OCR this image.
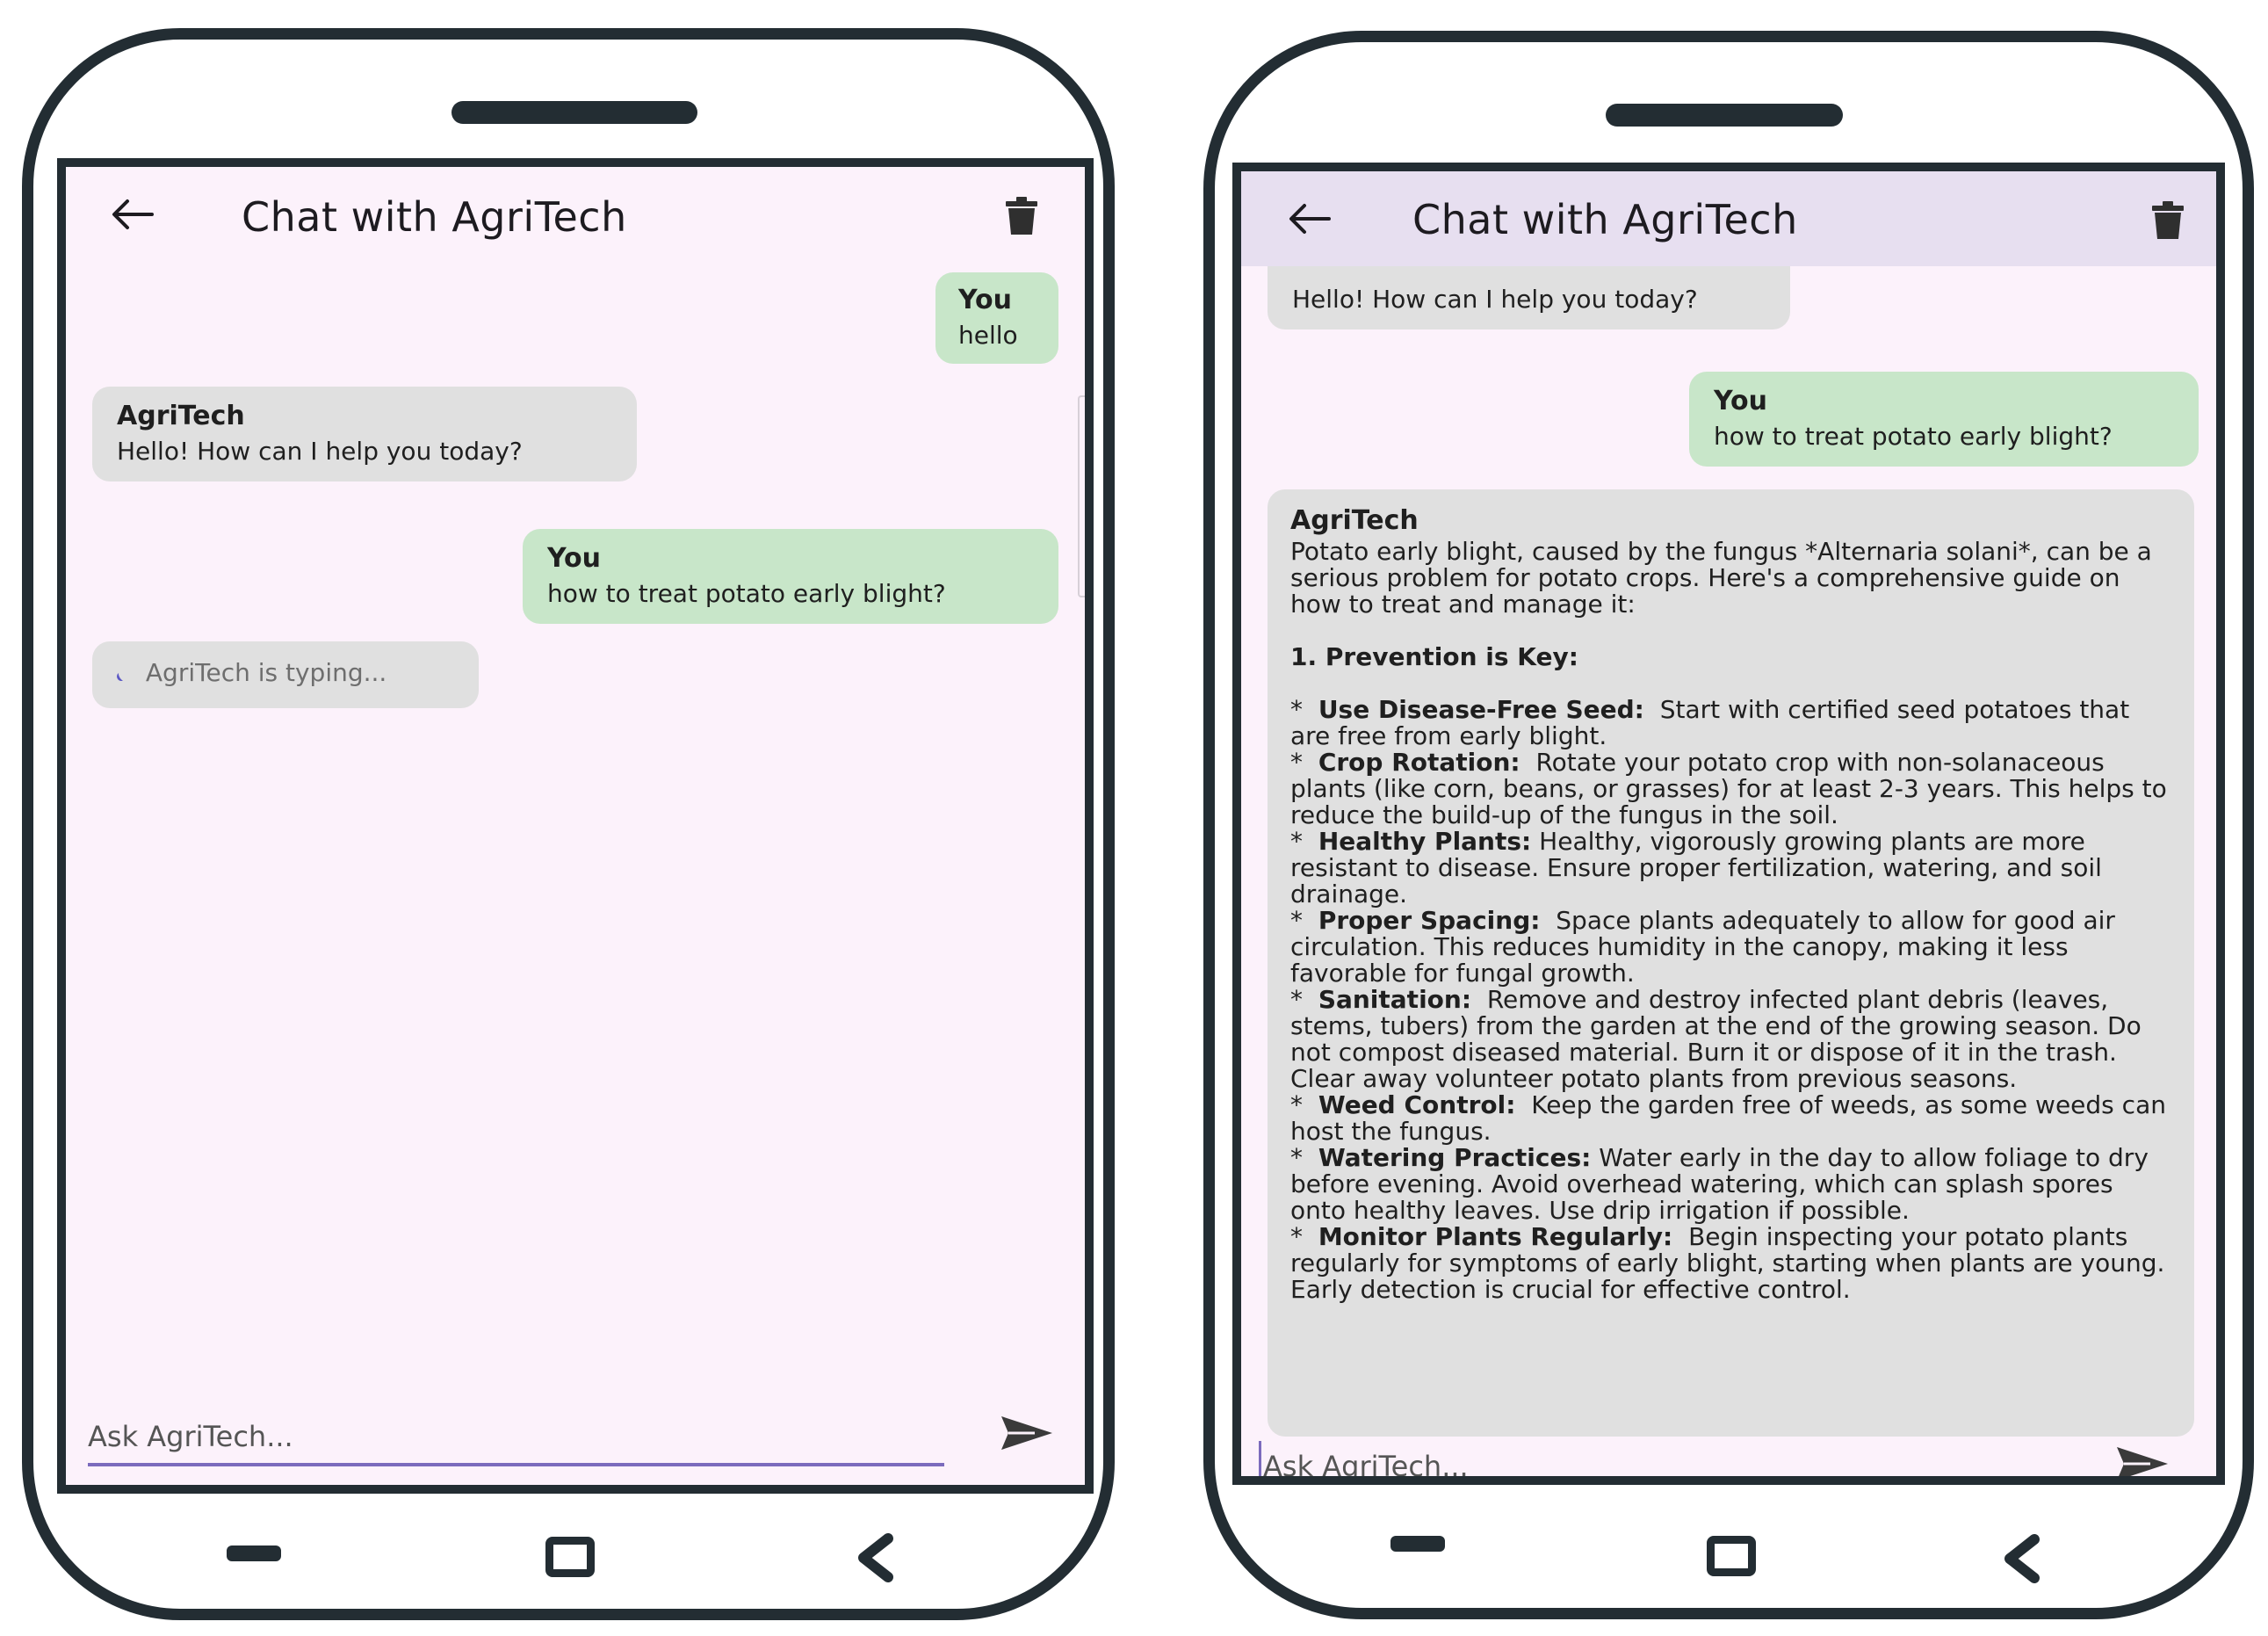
Chat with AgriTech
You
hello
AgriTech
Hello! How can I help you today?
You
how to treat potato early blight?
AgriTech is typing...
Ask AgriTech...
Hello! How can I help you today?
You
how to treat potato early blight?
AgriTech

Potato early blight, caused by the fungus *Alternaria solani*, can be a serious problem for potato crops. Here's a comprehensive guide on how to treat and manage it:

1. Prevention is Key:

*  Use Disease-Free Seed: Start with certified seed potatoes that are free from early blight.

*  Crop Rotation: Rotate your potato crop with non-solanaceous plants (like corn, beans, or grasses) for at least 2-3 years. This helps to reduce the build-up of the fungus in the soil.

*  Healthy Plants: Healthy, vigorously growing plants are more resistant to disease. Ensure proper fertilization, watering, and soil drainage.

*  Proper Spacing: Space plants adequately to allow for good air circulation. This reduces humidity in the canopy, making it less favorable for fungal growth.

*  Sanitation: Remove and destroy infected plant debris (leaves, stems, tubers) from the garden at the end of the growing season. Do not compost diseased material. Burn it or dispose of it in the trash. Clear away volunteer potato plants from previous seasons.

*  Weed Control: Keep the garden free of weeds, as some weeds can host the fungus.

*  Watering Practices: Water early in the day to allow foliage to dry before evening. Avoid overhead watering, which can splash spores onto healthy leaves. Use drip irrigation if possible.

*  Monitor Plants Regularly: Begin inspecting your potato plants regularly for symptoms of early blight, starting when plants are young. Early detection is crucial for effective control.

Chat with AgriTech
Ask AgriTech...
